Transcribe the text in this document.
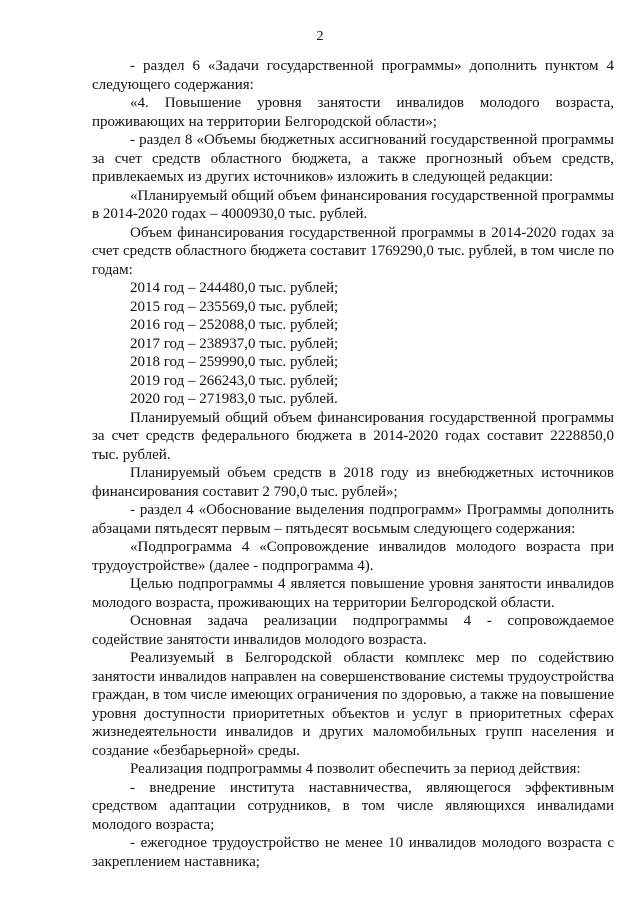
2

- раздел 6 «Задачи государственной программы» дополнить пунктом 4 следующего содержания:

«4. Повышение уровня занятости инвалидов молодого возраста, проживающих на территории Белгородской области»;

- раздел 8 «Объемы бюджетных ассигнований государственной программы за счет средств областного бюджета, а также прогнозный объем средств, привлекаемых из других источников» изложить в следующей редакции:

«Планируемый общий объем финансирования государственной программы в 2014-2020 годах – 4000930,0 тыс. рублей.

Объем финансирования государственной программы в 2014-2020 годах за счет средств областного бюджета составит 1769290,0 тыс. рублей, в том числе по годам:

2014 год – 244480,0 тыс. рублей;

2015 год – 235569,0 тыс. рублей;

2016 год – 252088,0 тыс. рублей;

2017 год – 238937,0 тыс. рублей;

2018 год – 259990,0 тыс. рублей;

2019 год – 266243,0 тыс. рублей;

2020 год – 271983,0 тыс. рублей.

Планируемый общий объем финансирования государственной программы за счет средств федерального бюджета в 2014-2020 годах составит 2228850,0 тыс. рублей.

Планируемый объем средств в 2018 году из внебюджетных источников финансирования составит 2 790,0 тыс. рублей»;

- раздел 4 «Обоснование выделения подпрограмм» Программы дополнить абзацами пятьдесят первым – пятьдесят восьмым следующего содержания:

«Подпрограмма 4 «Сопровождение инвалидов молодого возраста при трудоустройстве» (далее - подпрограмма 4).

Целью подпрограммы 4 является повышение уровня занятости инвалидов молодого возраста, проживающих на территории Белгородской области.

Основная задача реализации подпрограммы 4 - сопровождаемое содействие занятости инвалидов молодого возраста.

Реализуемый в Белгородской области комплекс мер по содействию занятости инвалидов направлен на совершенствование системы трудоустройства граждан, в том числе имеющих ограничения по здоровью, а также на повышение уровня доступности приоритетных объектов и услуг в приоритетных сферах жизнедеятельности инвалидов и других маломобильных групп населения и создание «безбарьерной» среды.

Реализация подпрограммы 4 позволит обеспечить за период действия:

- внедрение института наставничества, являющегося эффективным средством адаптации сотрудников, в том числе являющихся инвалидами молодого возраста;

- ежегодное трудоустройство не менее 10 инвалидов молодого возраста с закреплением наставника;
